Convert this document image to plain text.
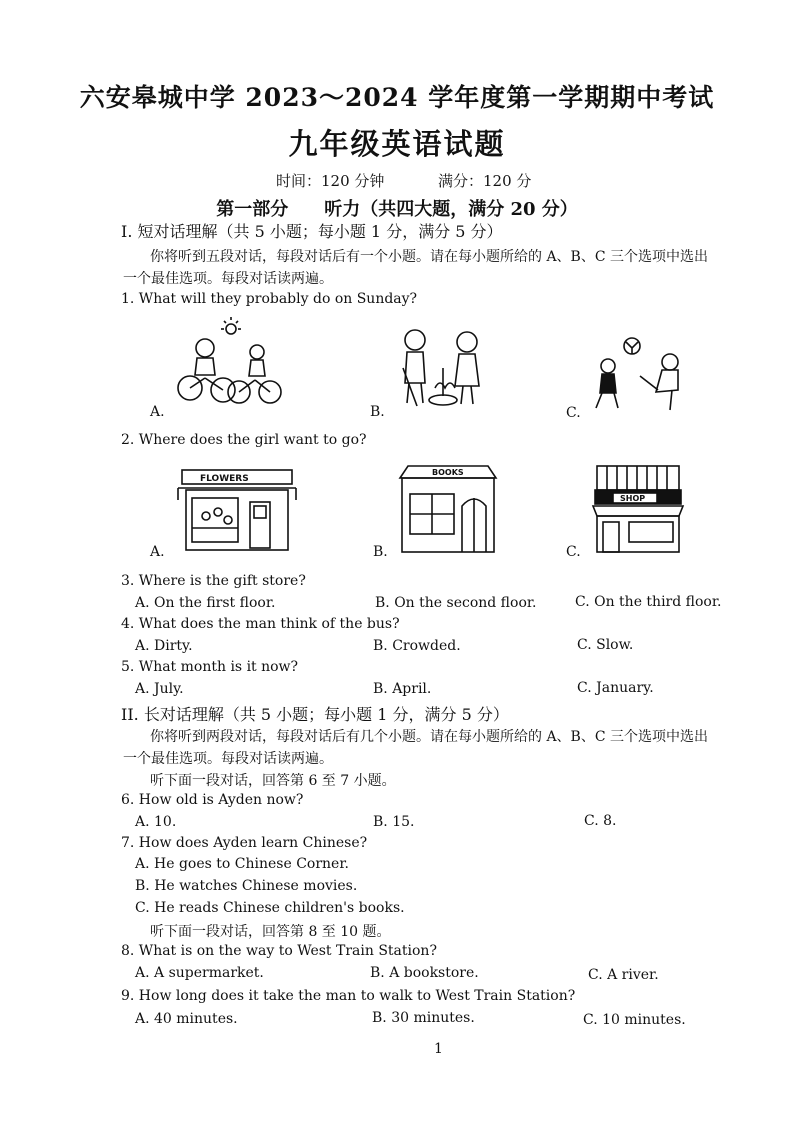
六安皋城中学 2023～2024 学年度第一学期期中考试
九年级英语试题
时间：120 分钟	满分：120 分
第一部分　　听力（共四大题，满分 20 分）
I. 短对话理解（共 5 小题；每小题 1 分，满分 5 分）
你将听到五段对话，每段对话后有一个小题。请在每小题所给的 A、B、C 三个选项中选出
一个最佳选项。每段对话读两遍。
1. What will they probably do on Sunday?
A.	B.	C.
2. Where does the girl want to go?
FLOWERS
BOOKS
SHOP
A.	B.	C.
3. Where is the gift store?
A. On the first floor.	B. On the second floor.	C. On the third floor.
4. What does the man think of the bus?
A. Dirty.	B. Crowded.	C. Slow.
5. What month is it now?
A. July.	B. April.	C. January.
II. 长对话理解（共 5 小题；每小题 1 分，满分 5 分）
你将听到两段对话，每段对话后有几个小题。请在每小题所给的 A、B、C 三个选项中选出
一个最佳选项。每段对话读两遍。
听下面一段对话，回答第 6 至 7 小题。
6. How old is Ayden now?
A. 10.	B. 15.	C. 8.
7. How does Ayden learn Chinese?
A. He goes to Chinese Corner.
B. He watches Chinese movies.
C. He reads Chinese children's books.
听下面一段对话，回答第 8 至 10 题。
8. What is on the way to West Train Station?
A. A supermarket.	B. A bookstore.	C. A river.
9. How long does it take the man to walk to West Train Station?
A. 40 minutes.	B. 30 minutes.	C. 10 minutes.
1
